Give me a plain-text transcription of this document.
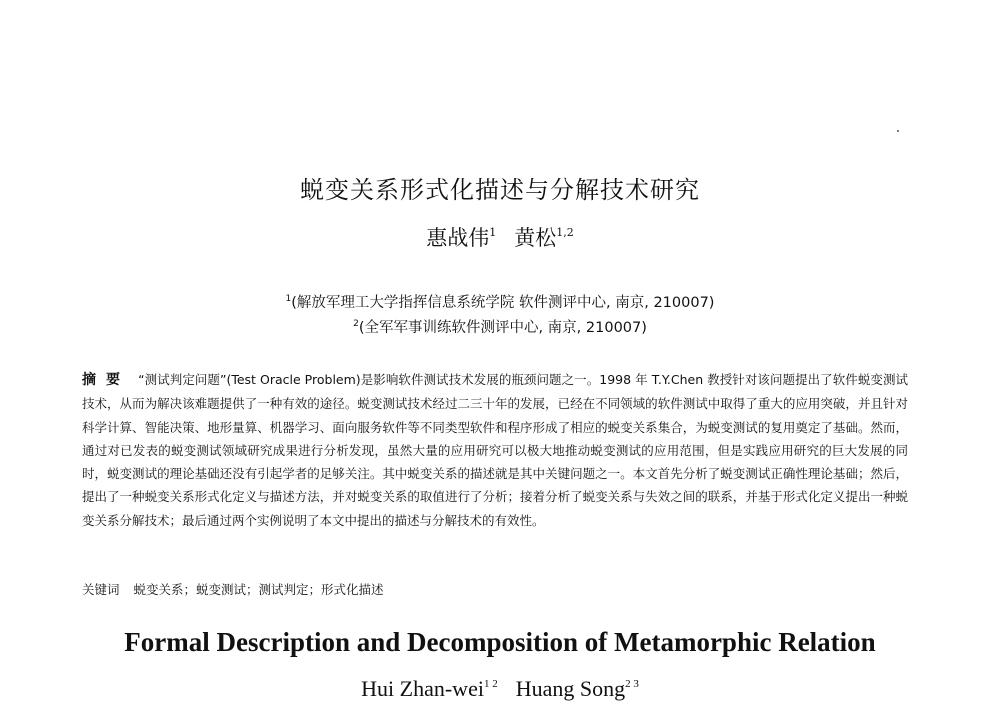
蜕变关系形式化描述与分解技术研究
惠战伟$^1$ 黄松$^{1,2}$
$^1$(解放军理工大学指挥信息系统学院 软件测评中心, 南京, 210007)
$^2$(全军军事训练软件测评中心, 南京, 210007)
摘要 “测试判定问题”(Test Oracle Problem)是影响软件测试技术发展的瓶颈问题之一。1998 年 T.Y.Chen 教授针对该问题提出了软件蜕变测试技术，从而为解决该难题提供了一种有效的途径。蜕变测试技术经过二三十年的发展，已经在不同领域的软件测试中取得了重大的应用突破，并且针对科学计算、智能决策、地形量算、机器学习、面向服务软件等不同类型软件和程序形成了相应的蜕变关系集合，为蜕变测试的复用奠定了基础。然而，通过对已发表的蜕变测试领域研究成果进行分析发现，虽然大量的应用研究可以极大地推动蜕变测试的应用范围，但是实践应用研究的巨大发展的同时，蜕变测试的理论基础还没有引起学者的足够关注。其中蜕变关系的描述就是其中关键问题之一。本文首先分析了蜕变测试正确性理论基础；然后，提出了一种蜕变关系形式化定义与描述方法，并对蜕变关系的取值进行了分析；接着分析了蜕变关系与失效之间的联系，并基于形式化定义提出一种蜕变关系分解技术；最后通过两个实例说明了本文中提出的描述与分解技术的有效性。
关键词 蜕变关系；蜕变测试；测试判定；形式化描述
Formal Description and Decomposition of Metamorphic Relation
Hui Zhan-wei$^{1 2}$ Huang Song$^{2 3}$
